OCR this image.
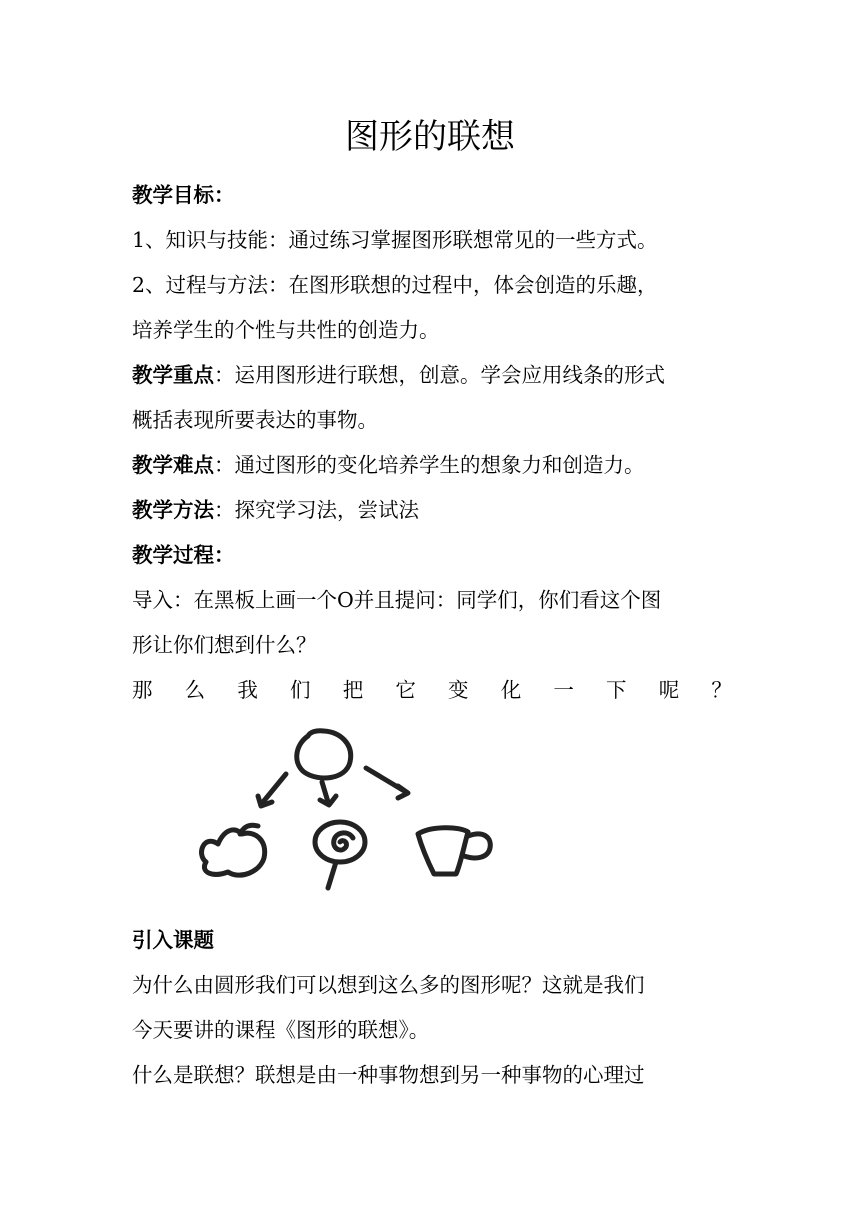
图形的联想
教学目标：
1、知识与技能：通过练习掌握图形联想常见的一些方式。
2、过程与方法：在图形联想的过程中，体会创造的乐趣，
培养学生的个性与共性的创造力。
教学重点：运用图形进行联想，创意。学会应用线条的形式
概括表现所要表达的事物。
教学难点：通过图形的变化培养学生的想象力和创造力。
教学方法：探究学习法，尝试法
教学过程：
导入：在黑板上画一个O并且提问：同学们，你们看这个图
形让你们想到什么？
那 么 我 们 把 它 变 化 一 下 呢 ？
引入课题
为什么由圆形我们可以想到这么多的图形呢？这就是我们
今天要讲的课程《图形的联想》。
什么是联想？联想是由一种事物想到另一种事物的心理过
